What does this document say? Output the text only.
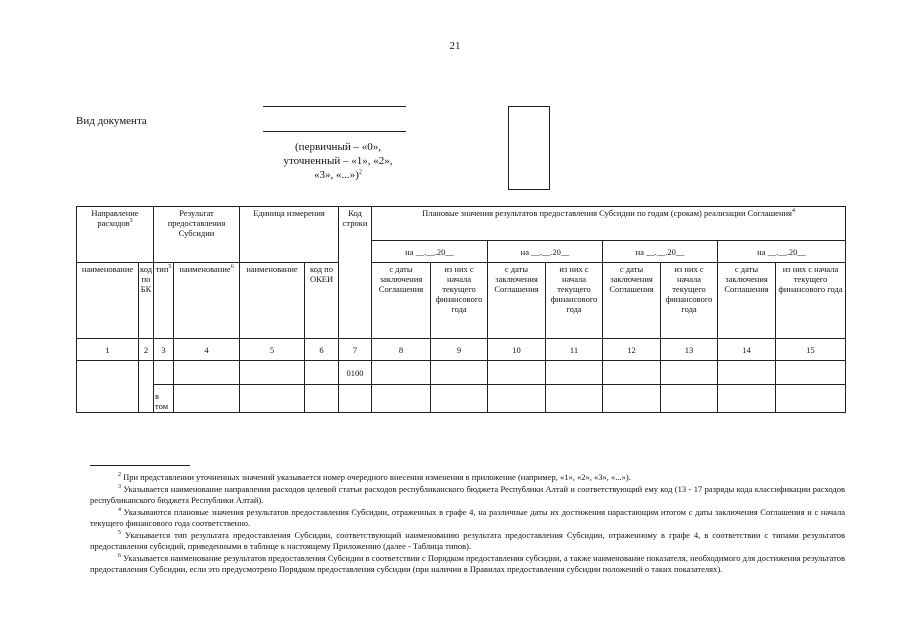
21
Вид документа
(первичный – «0»,
уточненный – «1», «2»,
«3», «...»)$^2$
Направление расходов$^3$		Результат предоставления Субсидии		Единица измерения		Код строки	Плановые значения результатов предоставления Субсидии по годам (срокам) реализации Соглашения$^4$
							на __.__.20__		на __.__.20__		на __.__.20__		на __.__.20__	
наименование	код по БК	тип$^5$	наименование$^6$	наименование	код по ОКЕИ		с даты заключения Соглашения	из них с начала текущего финансового года	с даты заключения Соглашения	из них с начала текущего финансового года	с даты заключения Соглашения	из них с начала текущего финансового года	с даты заключения Соглашения	из них с начала текущего финансового года
1	2	3	4	5	6	7	8	9	10	11	12	13	14	15
						0100								
		в том												

$^2$ При представлении уточненных значений указывается номер очередного внесения изменения в приложение (например, «1», «2», «3», «...»).

$^3$ Указывается наименование направления расходов целевой статьи расходов республиканского бюджета Республики Алтай и соответствующий ему код (13 - 17 разряды кода классификации расходов республиканского бюджета Республики Алтай).

$^4$ Указываются плановые значения результатов предоставления Субсидии, отраженных в графе 4, на различные даты их достижения нарастающим итогом с даты заключения Соглашения и с начала текущего финансового года соответственно.

$^5$ Указывается тип результата предоставления Субсидии, соответствующий наименованию результата предоставления Субсидии, отраженному в графе 4, в соответствии с типами результатов предоставления субсидий, приведенными в таблице к настоящему Приложению (далее - Таблица типов).

$^6$ Указывается наименование результатов предоставления Субсидии в соответствии с Порядком предоставления субсидии, а также наименование показателя, необходимого для достижения результатов предоставления Субсидии, если это предусмотрено Порядком предоставления субсидии (при наличии в Правилах предоставления субсидии положений о таких показателях).
